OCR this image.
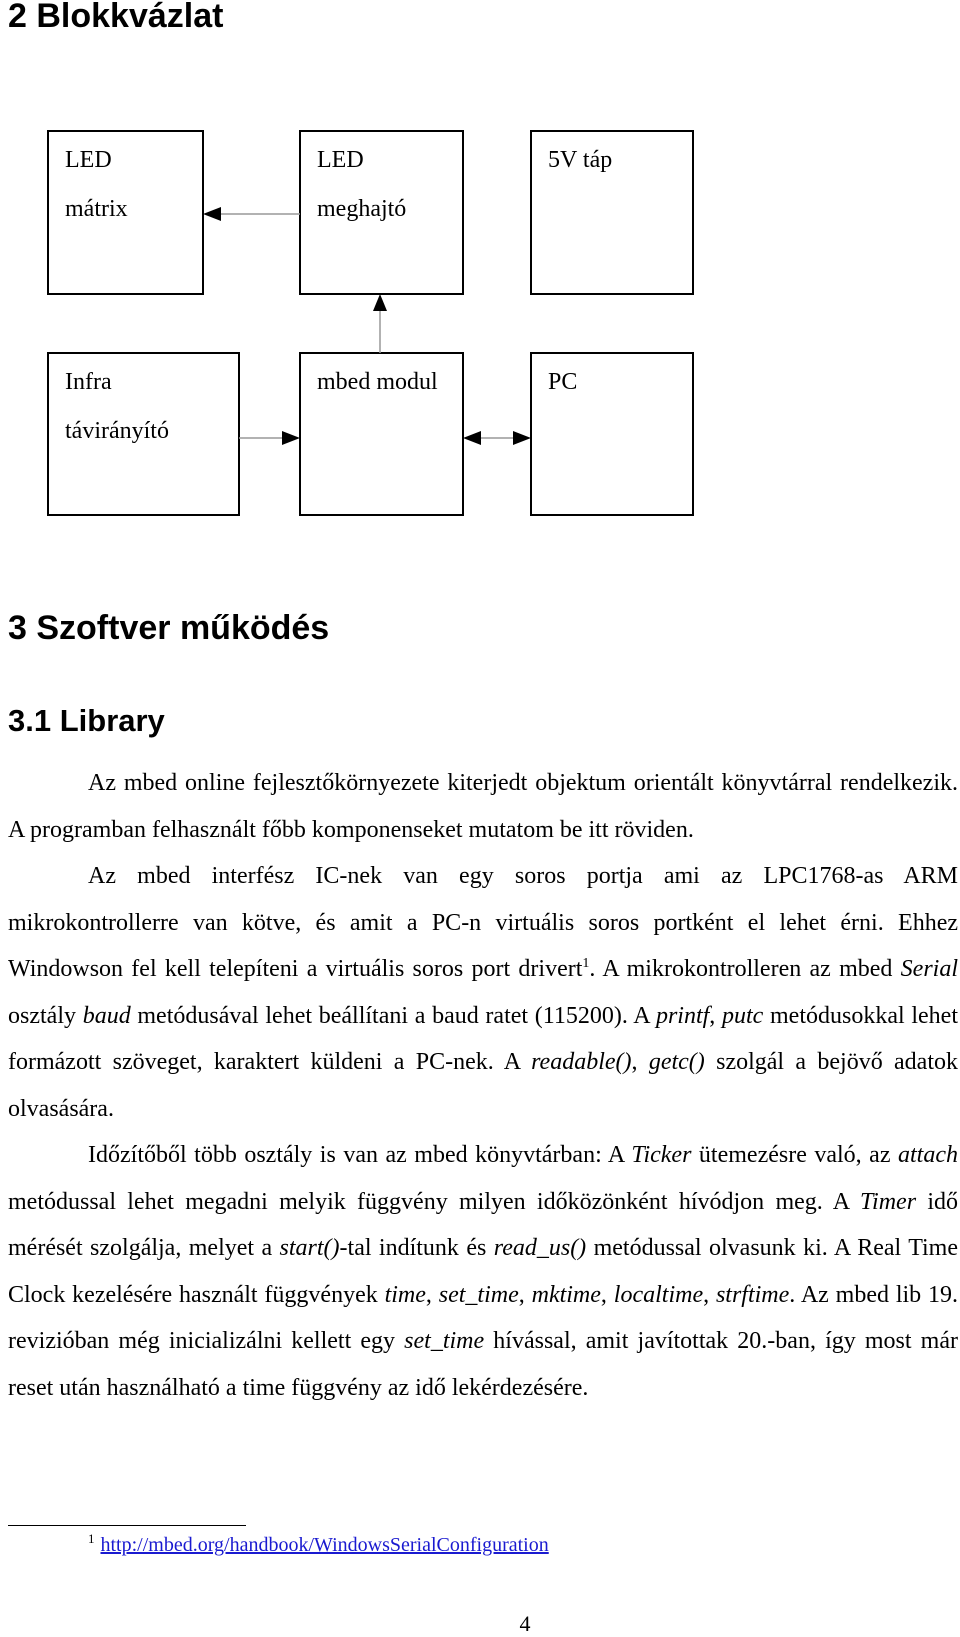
2 Blokkvázlat
LED
mátrix
LED
meghajtó
5V táp
Infra
távirányító
mbed modul	PC
3 Szoftver működés
3.1 Library

Az mbed online fejlesztőkörnyezete kiterjedt objektum orientált könyvtárral rendelkezik. A programban felhasznált főbb komponenseket mutatom be itt röviden.

Az mbed interfész IC-nek van egy soros portja ami az LPC1768-as ARM mikrokontrollerre van kötve, és amit a PC-n virtuális soros portként el lehet érni. Ehhez Windowson fel kell telepíteni a virtuális soros port drivert$^1$. A mikrokontrolleren az mbed Serial osztály baud metódusával lehet beállítani a baud ratet (115200). A printf, putc metódusokkal lehet formázott szöveget, karaktert küldeni a PC-nek. A readable(), getc() szolgál a bejövő adatok olvasására.

Időzítőből több osztály is van az mbed könyvtárban: A Ticker ütemezésre való, az attach metódussal lehet megadni melyik függvény milyen időközönként hívódjon meg. A Timer idő mérését szolgálja, melyet a start()-tal indítunk és read_us() metódussal olvasunk ki. A Real Time Clock kezelésére használt függvények time, set_time, mktime, localtime, strftime. Az mbed lib 19. revizióban még inicializálni kellett egy set_time hívással, amit javítottak 20.-ban, így most már reset után használható a time függvény az idő lekérdezésére.

$^1$ http://mbed.org/handbook/WindowsSerialConfiguration
4
